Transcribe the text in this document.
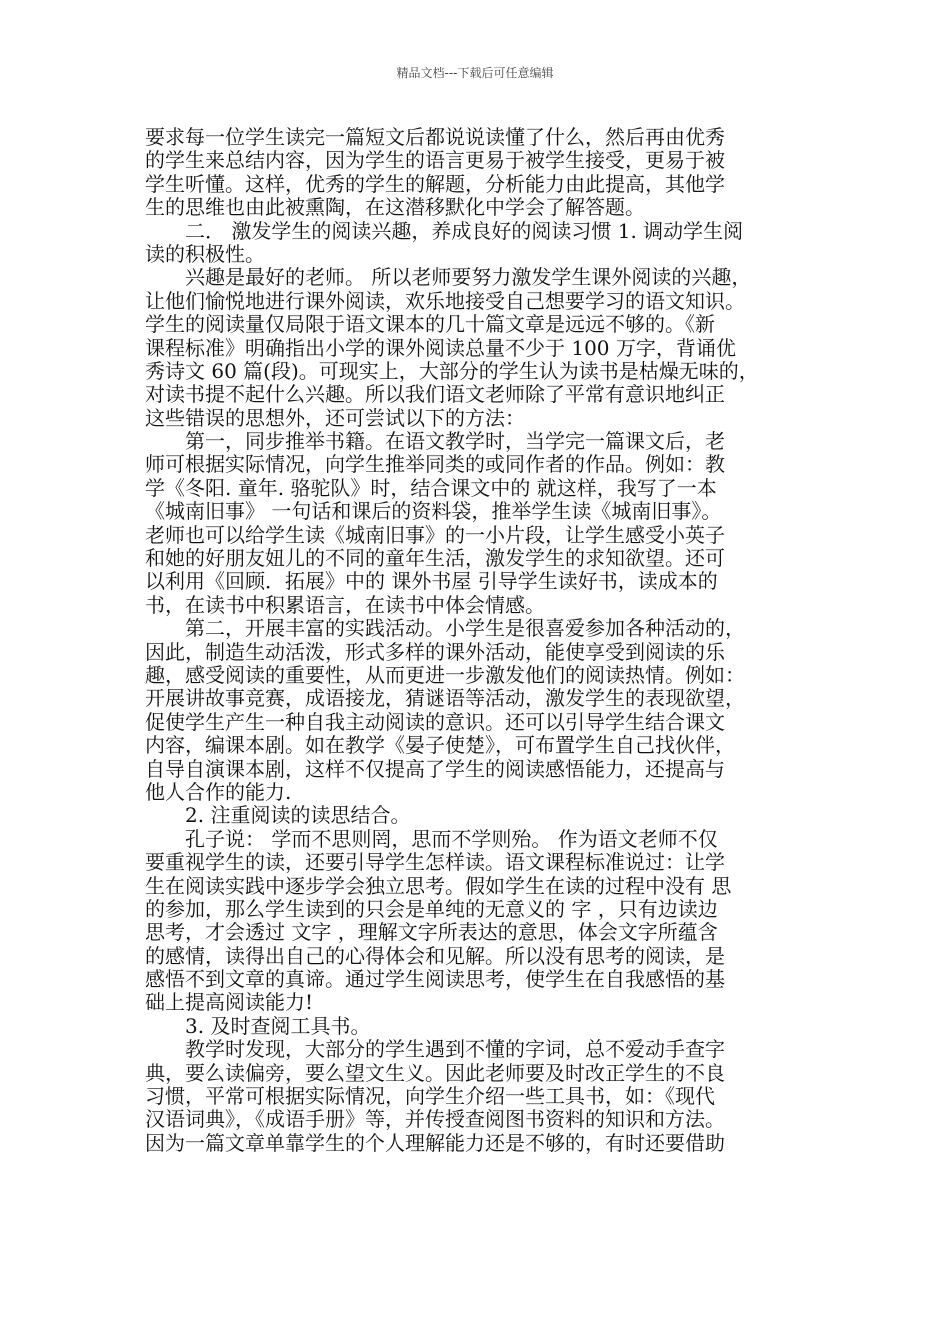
精品文档---下载后可任意编辑
要求每一位学生读完一篇短文后都说说读懂了什么，然后再由优秀
的学生来总结内容，因为学生的语言更易于被学生接受，更易于被
学生听懂。这样，优秀的学生的解题，分析能力由此提高，其他学
生的思维也由此被熏陶，在这潜移默化中学会了解答题。
　　二． 激发学生的阅读兴趣，养成良好的阅读习惯 1. 调动学生阅
读的积极性。
　　兴趣是最好的老师。 所以老师要努力激发学生课外阅读的兴趣，
让他们愉悦地进行课外阅读，欢乐地接受自己想要学习的语文知识。
学生的阅读量仅局限于语文课本的几十篇文章是远远不够的。《新
课程标准》明确指出小学的课外阅读总量不少于 100 万字，背诵优
秀诗文 60 篇(段)。可现实上，大部分的学生认为读书是枯燥无味的，
对读书提不起什么兴趣。所以我们语文老师除了平常有意识地纠正
这些错误的思想外，还可尝试以下的方法：
　　第一，同步推举书籍。在语文教学时，当学完一篇课文后，老
师可根据实际情况，向学生推举同类的或同作者的作品。例如：教
学《冬阳. 童年. 骆驼队》时，结合课文中的 就这样，我写了一本
《城南旧事》 一句话和课后的资料袋，推举学生读《城南旧事》。
老师也可以给学生读《城南旧事》的一小片段，让学生感受小英子
和她的好朋友妞儿的不同的童年生活，激发学生的求知欲望。还可
以利用《回顾．拓展》中的 课外书屋 引导学生读好书，读成本的
书，在读书中积累语言，在读书中体会情感。
　　第二，开展丰富的实践活动。小学生是很喜爱参加各种活动的，
因此，制造生动活泼，形式多样的课外活动，能使享受到阅读的乐
趣，感受阅读的重要性，从而更进一步激发他们的阅读热情。例如：
开展讲故事竞赛，成语接龙，猜谜语等活动，激发学生的表现欲望，
促使学生产生一种自我主动阅读的意识。还可以引导学生结合课文
内容，编课本剧。如在教学《晏子使楚》，可布置学生自己找伙伴，
自导自演课本剧，这样不仅提高了学生的阅读感悟能力，还提高与
他人合作的能力.
　　2. 注重阅读的读思结合。
　　孔子说： 学而不思则罔，思而不学则殆。 作为语文老师不仅
要重视学生的读，还要引导学生怎样读。语文课程标准说过：让学
生在阅读实践中逐步学会独立思考。假如学生在读的过程中没有 思
的参加，那么学生读到的只会是单纯的无意义的 字 ，只有边读边
思考，才会透过 文字 ，理解文字所表达的意思，体会文字所蕴含
的感情，读得出自己的心得体会和见解。所以没有思考的阅读，是
感悟不到文章的真谛。通过学生阅读思考，使学生在自我感悟的基
础上提高阅读能力!
　　3. 及时查阅工具书。
　　教学时发现，大部分的学生遇到不懂的字词，总不爱动手查字
典，要么读偏旁，要么望文生义。因此老师要及时改正学生的不良
习惯，平常可根据实际情况，向学生介绍一些工具书，如：《现代
汉语词典》，《成语手册》等，并传授查阅图书资料的知识和方法。
因为一篇文章单靠学生的个人理解能力还是不够的，有时还要借助
